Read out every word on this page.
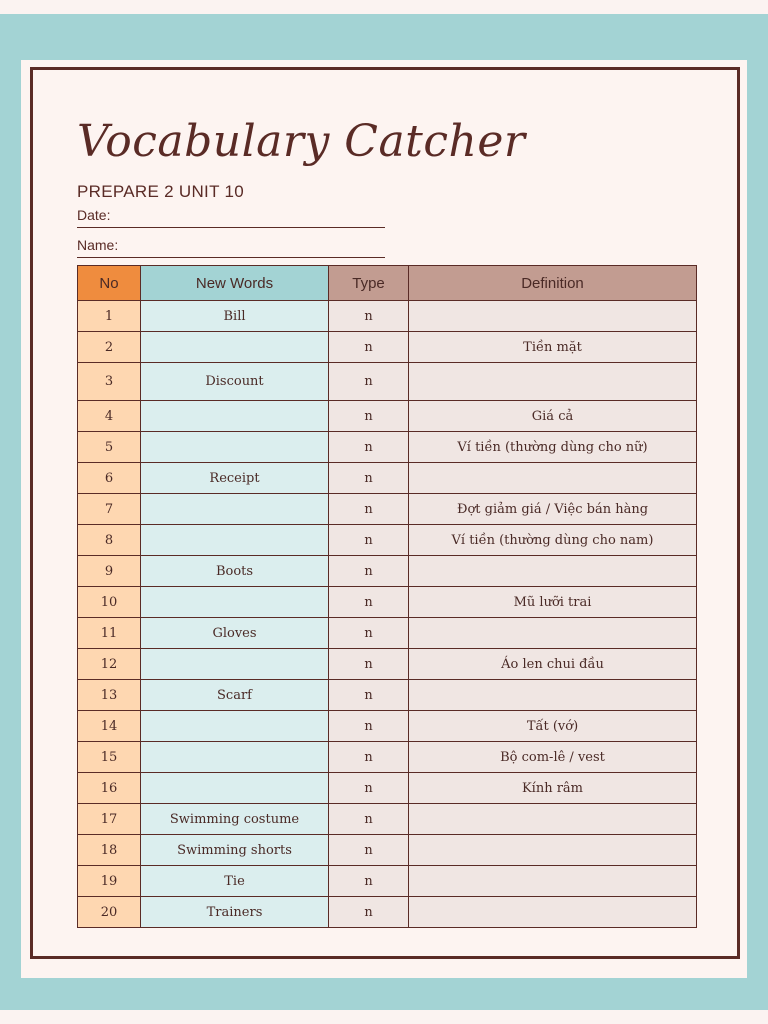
Vocabulary Catcher
PREPARE 2 UNIT 10
Date:
Name:
No	New Words	Type	Definition
1	Bill	n	
2		n	Tiền mặt
3	Discount	n	
4		n	Giá cả
5		n	Ví tiền (thường dùng cho nữ)
6	Receipt	n	
7		n	Đợt giảm giá / Việc bán hàng
8		n	Ví tiền (thường dùng cho nam)
9	Boots	n	
10		n	Mũ lưỡi trai
11	Gloves	n	
12		n	Áo len chui đầu
13	Scarf	n	
14		n	Tất (vớ)
15		n	Bộ com-lê / vest
16		n	Kính râm
17	Swimming costume	n	
18	Swimming shorts	n	
19	Tie	n	
20	Trainers	n	
